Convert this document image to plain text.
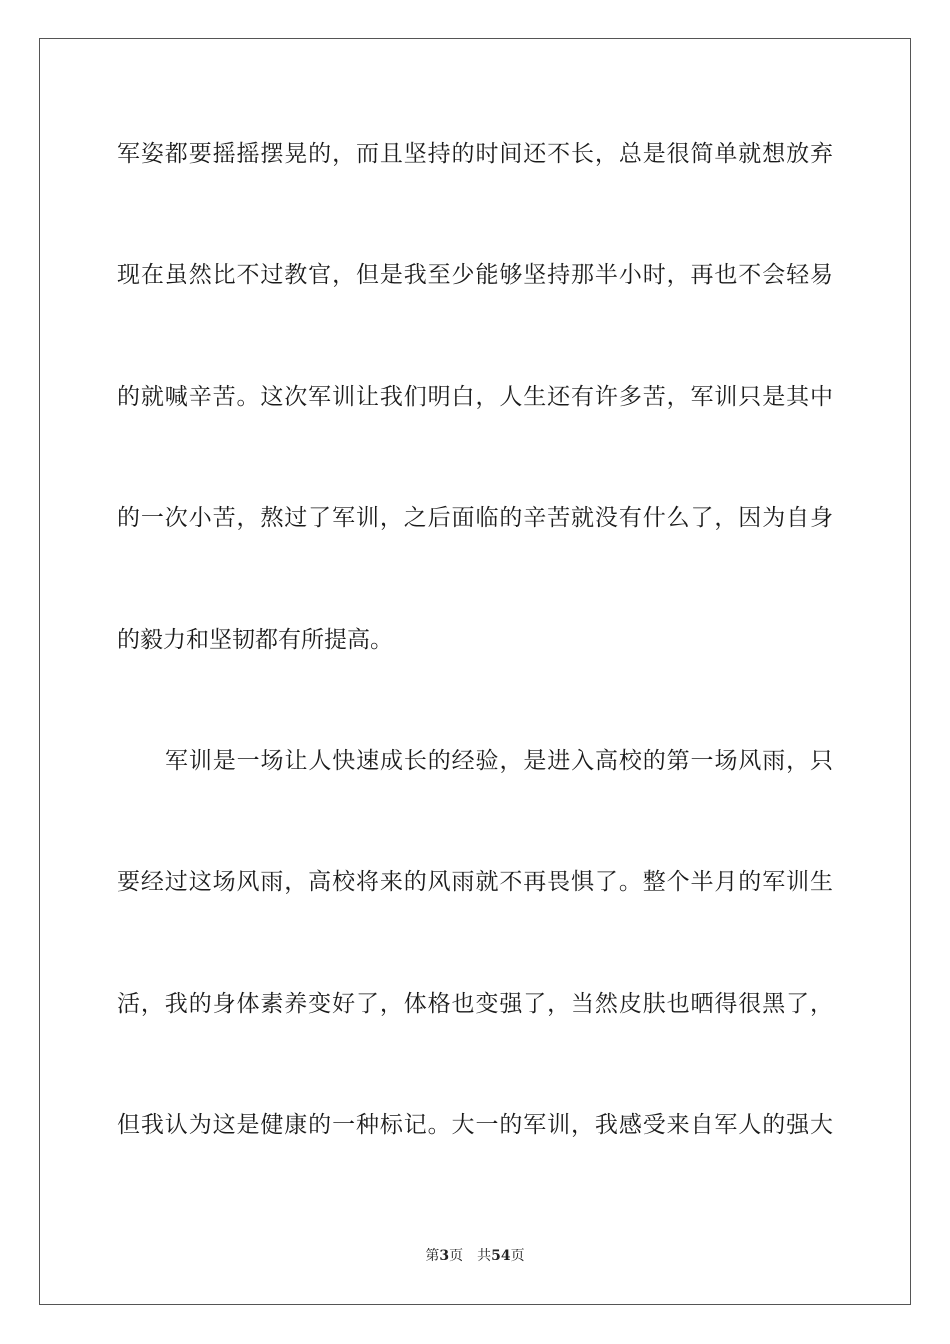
军姿都要摇摇摆晃的，而且坚持的时间还不长，总是很简单就想放弃
现在虽然比不过教官，但是我至少能够坚持那半小时，再也不会轻易
的就喊辛苦。这次军训让我们明白，人生还有许多苦，军训只是其中
的一次小苦，熬过了军训，之后面临的辛苦就没有什么了，因为自身
的毅力和坚韧都有所提高。
军训是一场让人快速成长的经验，是进入高校的第一场风雨，只
要经过这场风雨，高校将来的风雨就不再畏惧了。整个半月的军训生
活，我的身体素养变好了，体格也变强了，当然皮肤也晒得很黑了，
但我认为这是健康的一种标记。大一的军训，我感受来自军人的强大
第3页 共54页
